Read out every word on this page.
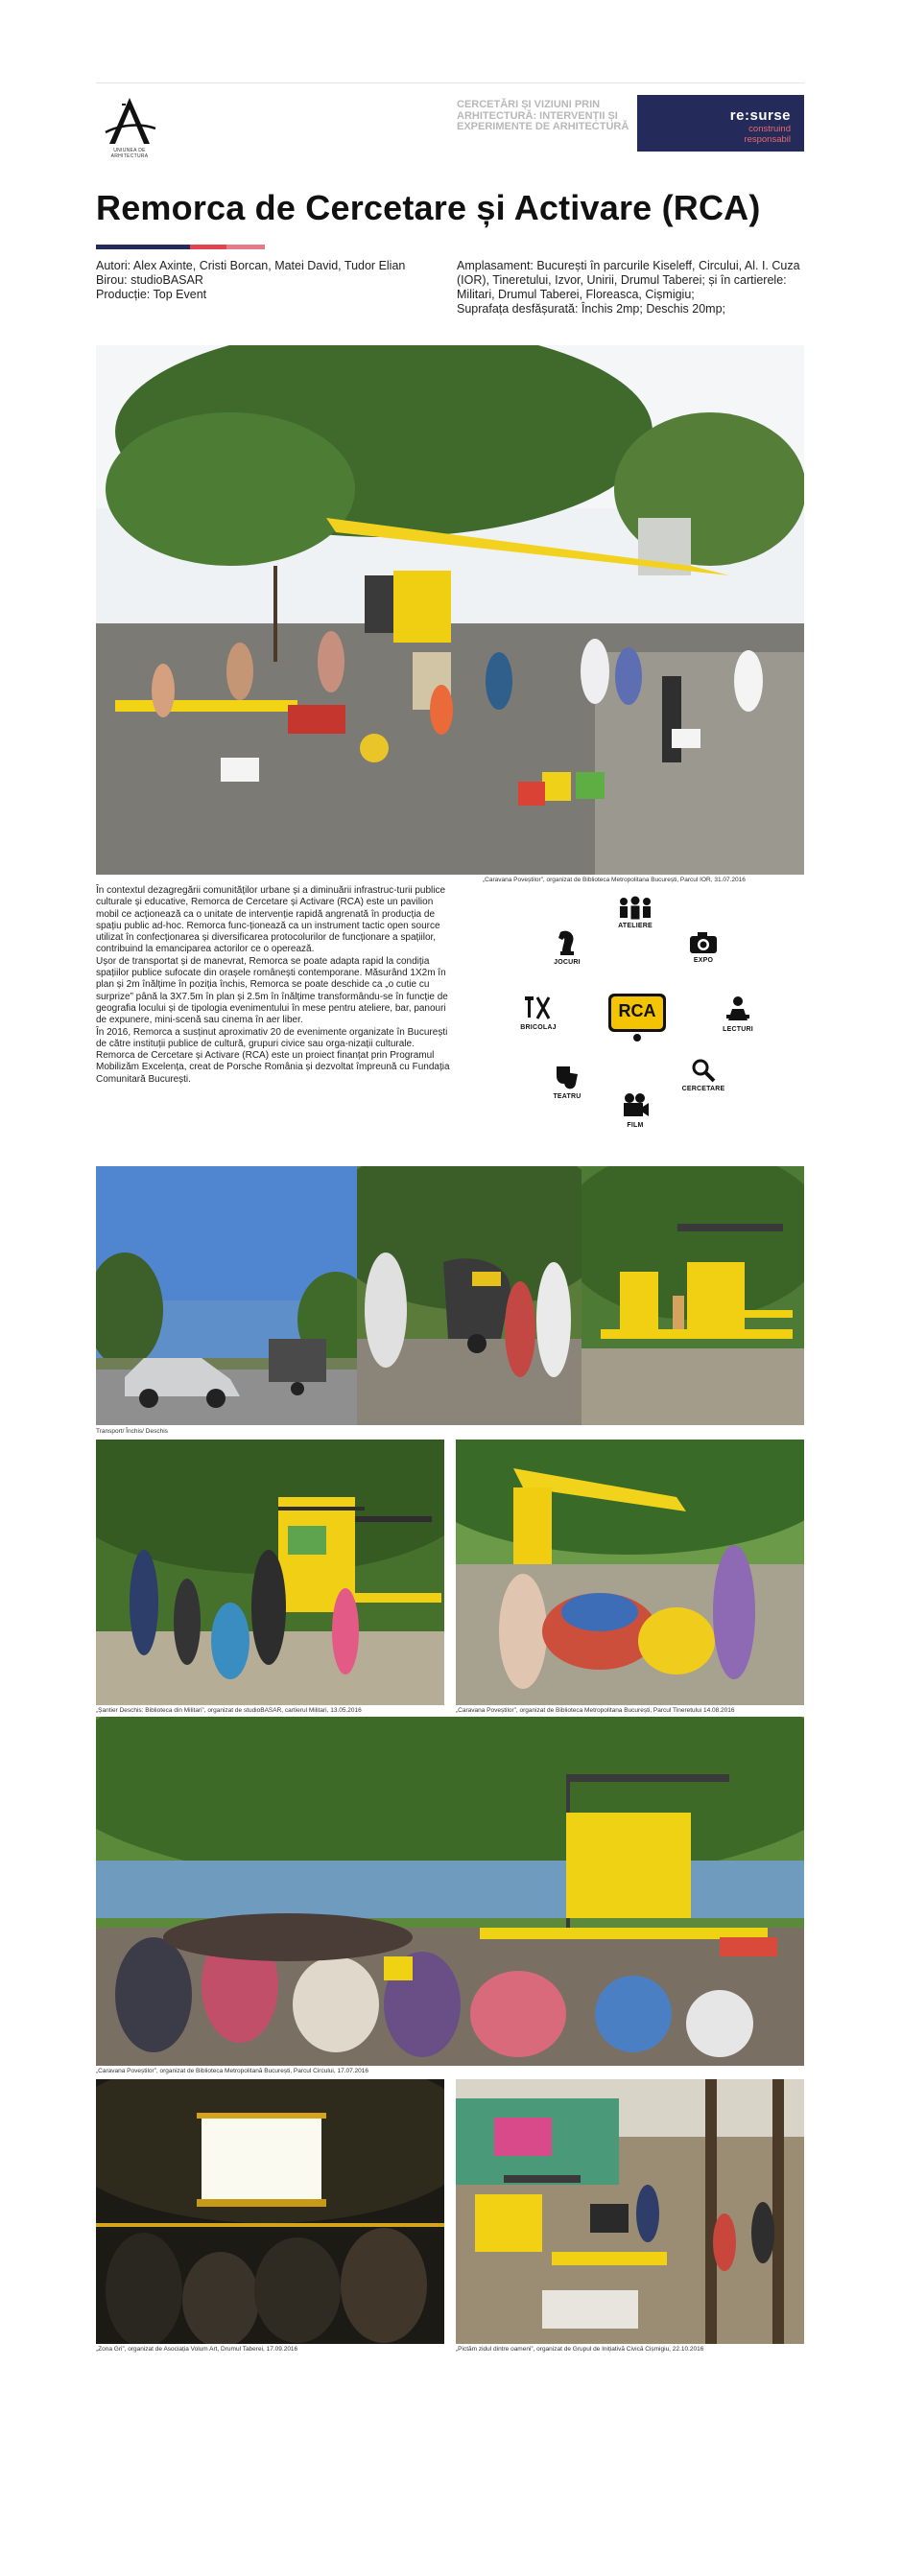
UNIUNEA DE ARHITECTURA
CERCETĂRI ȘI VIZIUNI PRIN ARHITECTURĂ: INTERVENȚII ȘI EXPERIMENTE DE ARHITECTURĂ
re:surse
construind
responsabil
Remorca de Cercetare și Activare (RCA)
Autori: Alex Axinte, Cristi Borcan, Matei David, Tudor Elian
Birou: studioBASAR
Producție: Top Event
Amplasament: București în parcurile Kiseleff, Circului, Al. I. Cuza (IOR), Tineretului, Izvor, Unirii, Drumul Taberei; și în cartierele: Militari, Drumul Taberei, Floreasca, Cișmigiu;
Suprafața desfășurată: Închis 2mp; Deschis 20mp;
„Caravana Poveștilor”, organizat de Biblioteca Metropolitana București, Parcul IOR, 31.07.2016

În contextul dezagregării comunităților urbane și a diminuării infrastruc-turii publice culturale și educative, Remorca de Cercetare și Activare (RCA) este un pavilion mobil ce acționează ca o unitate de intervenție rapidă angrenată în producția de spațiu public ad-hoc. Remorca func-ționează ca un instrument tactic open source utilizat în confecționarea și diversificarea protocolurilor de funcționare a spațiilor, contribuind la emanciparea actorilor ce o operează.

Ușor de transportat și de manevrat, Remorca se poate adapta rapid la condiția spațiilor publice sufocate din orașele românești contemporane. Măsurând 1X2m în plan și 2m înălțime în poziția închis, Remorca se poate deschide ca „o cutie cu surprize” până la 3X7.5m în plan și 2.5m în înălțime transformându-se în funcție de geografia locului și de tipologia evenimentului în mese pentru ateliere, bar, panouri de expunere, mini-scenă sau cinema în aer liber.

În 2016, Remorca a susținut aproximativ 20 de evenimente organizate în București de către instituții publice de cultură, grupuri civice sau orga-nizații culturale. Remorca de Cercetare și Activare (RCA) este un proiect finanțat prin Programul Mobilizăm Excelența, creat de Porsche România și dezvoltat împreună cu Fundația Comunitară București.

ATELIERE
JOCURI	EXPO
BRICOLAJ
RCA
LECTURI
TEATRU
CERCETARE
FILM
Transport/ Închis/ Deschis
„Șantier Deschis: Biblioteca din Militari”, organizat de studioBASAR, cartierul Militari, 13.05.2016	„Caravana Poveștilor”, organizat de Biblioteca Metropolitana București, Parcul Tineretului 14.08.2016
„Caravana Poveștilor”, organizat de Biblioteca Metropolitană București, Parcul Circului, 17.07.2016
„Zona Gri”, organizat de Asociația Volum Art, Drumul Taberei, 17.09.2016	„Pictăm zidul dintre oameni”, organizat de Grupul de Inițiativă Civică Cișmigiu, 22.10.2016
